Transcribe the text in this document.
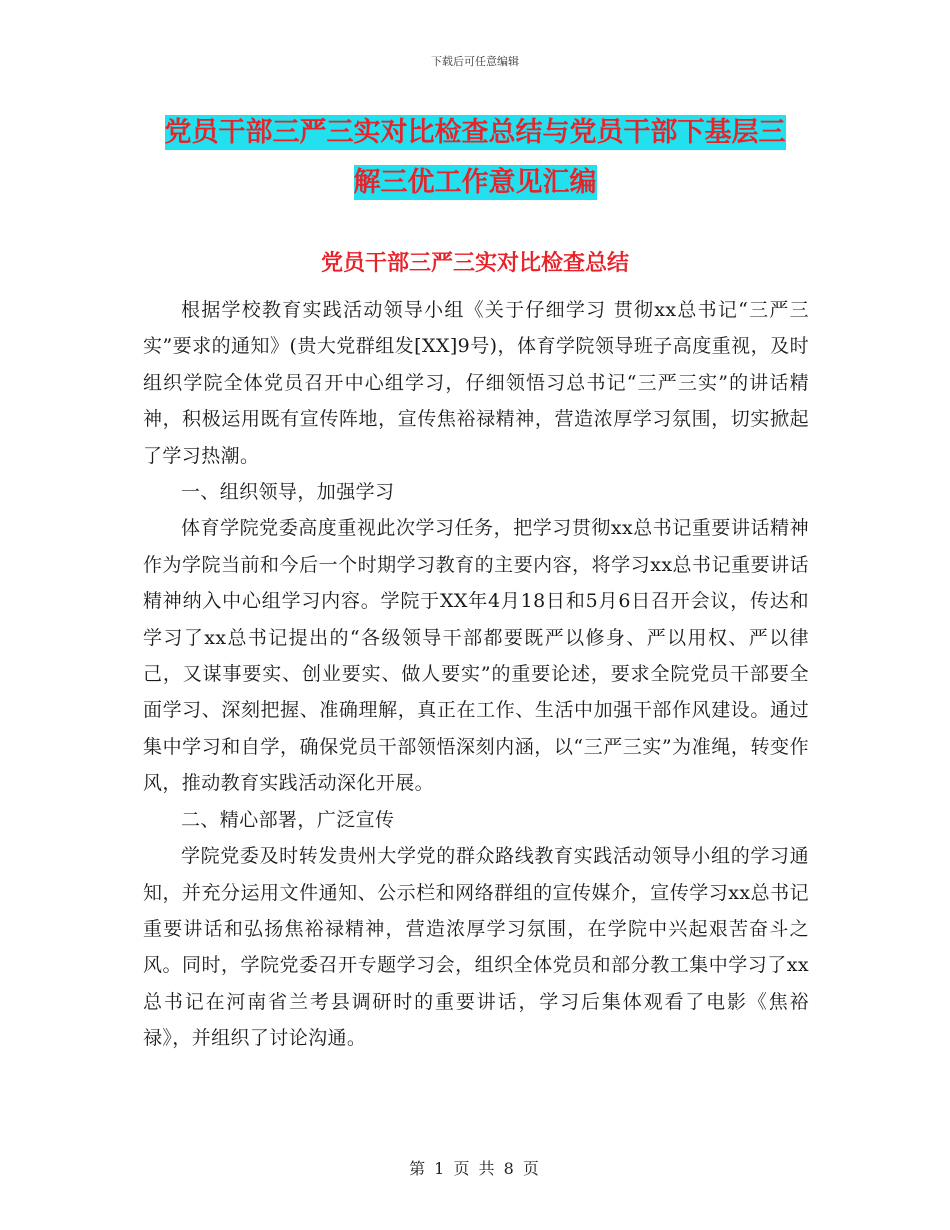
下载后可任意编辑
党员干部三严三实对比检查总结与党员干部下基层三
解三优工作意见汇编
党员干部三严三实对比检查总结

根据学校教育实践活动领导小组《关于仔细学习 贯彻xx总书记“三严三实”要求的通知》(贵大党群组发[XX]9号)，体育学院领导班子高度重视，及时组织学院全体党员召开中心组学习，仔细领悟习总书记“三严三实”的讲话精神，积极运用既有宣传阵地，宣传焦裕禄精神，营造浓厚学习氛围，切实掀起了学习热潮。

一、组织领导，加强学习

体育学院党委高度重视此次学习任务，把学习贯彻xx总书记重要讲话精神作为学院当前和今后一个时期学习教育的主要内容，将学习xx总书记重要讲话精神纳入中心组学习内容。学院于XX年4月18日和5月6日召开会议，传达和学习了xx总书记提出的“各级领导干部都要既严以修身、严以用权、严以律己，又谋事要实、创业要实、做人要实”的重要论述，要求全院党员干部要全面学习、深刻把握、准确理解，真正在工作、生活中加强干部作风建设。通过集中学习和自学，确保党员干部领悟深刻内涵，以“三严三实”为准绳，转变作风，推动教育实践活动深化开展。

二、精心部署，广泛宣传

学院党委及时转发贵州大学党的群众路线教育实践活动领导小组的学习通知，并充分运用文件通知、公示栏和网络群组的宣传媒介，宣传学习xx总书记重要讲话和弘扬焦裕禄精神，营造浓厚学习氛围，在学院中兴起艰苦奋斗之风。同时，学院党委召开专题学习会，组织全体党员和部分教工集中学习了xx总书记在河南省兰考县调研时的重要讲话，学习后集体观看了电影《焦裕禄》，并组织了讨论沟通。

第 1 页 共 8 页
